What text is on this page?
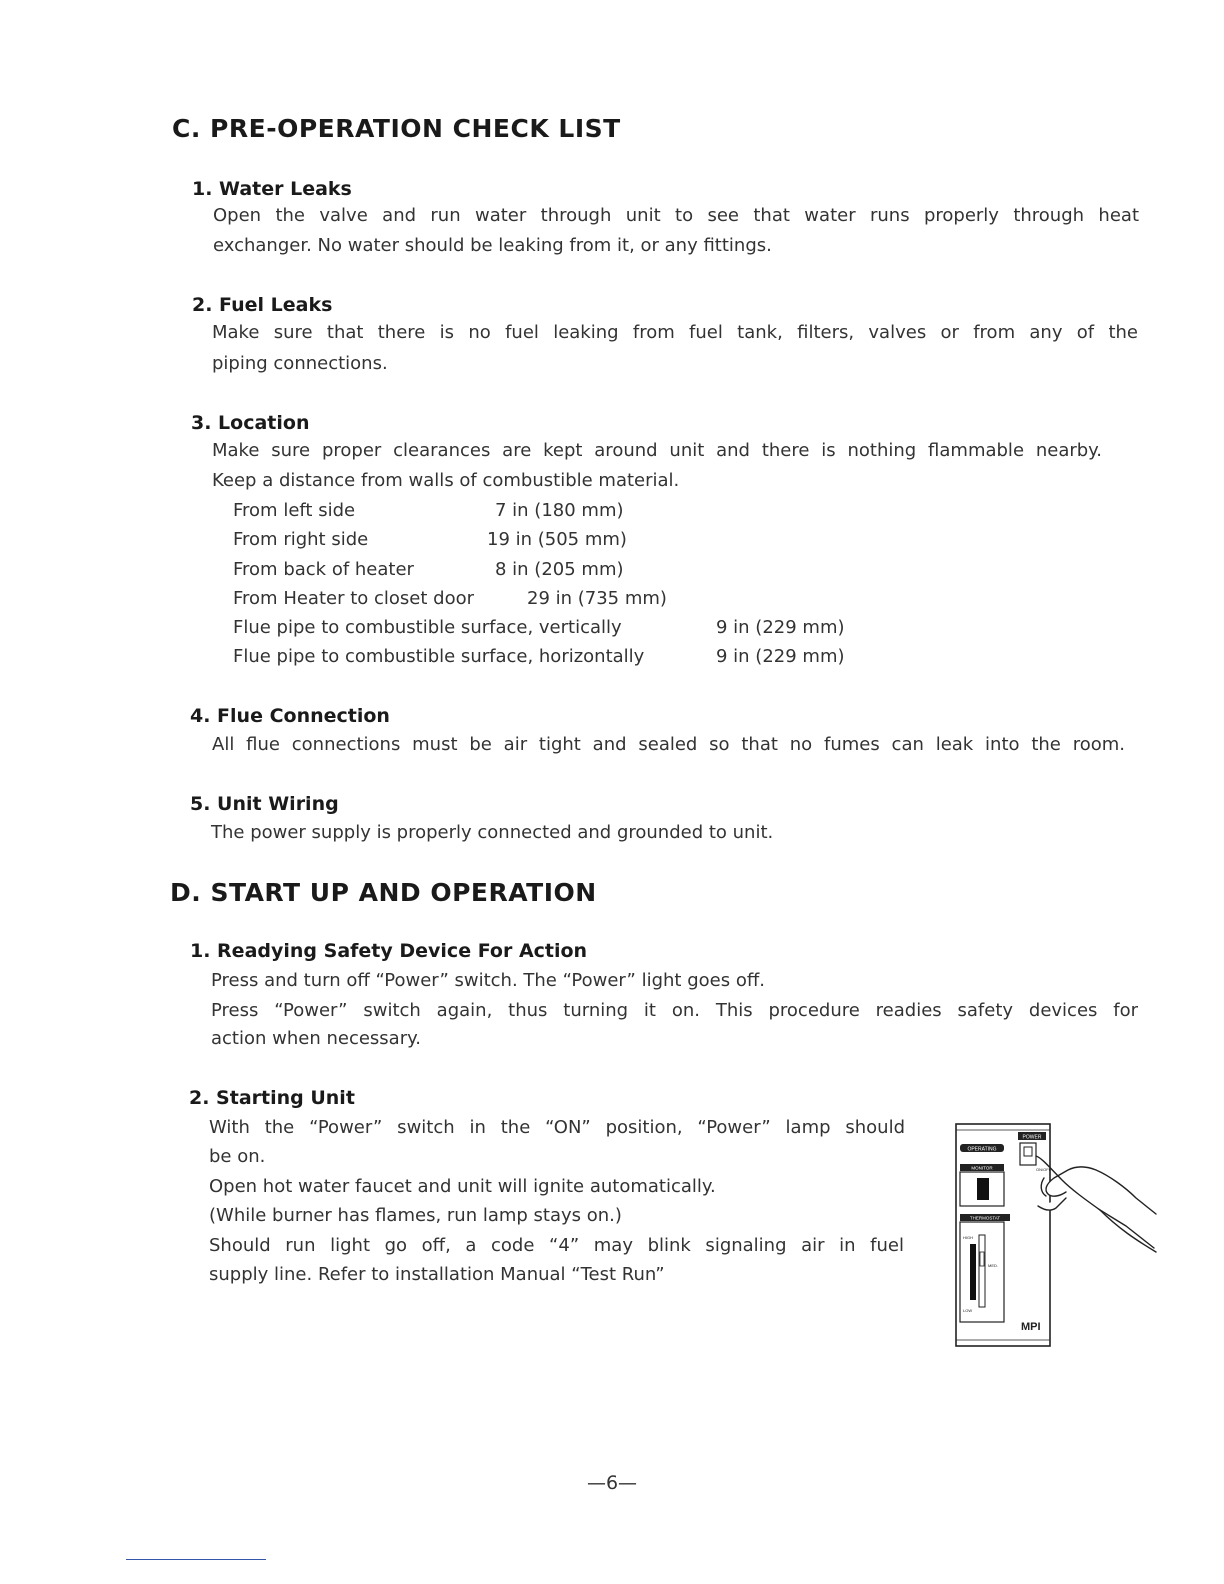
C. PRE-OPERATION CHECK LIST
1. Water Leaks

Open the valve and run water through unit to see that water runs properly through heat

exchanger. No water should be leaking from it, or any fittings.

2. Fuel Leaks

Make sure that there is no fuel leaking from fuel tank, filters, valves or from any of the

piping connections.

3. Location

Make sure proper clearances are kept around unit and there is nothing flammable nearby.

Keep a distance from walls of combustible material.

From left side	7 in (180 mm)
From right side	19 in (505 mm)
From back of heater	8 in (205 mm)
From Heater to closet door	29 in (735 mm)
Flue pipe to combustible surface, vertically	9 in (229 mm)
Flue pipe to combustible surface, horizontally	9 in (229 mm)
4. Flue Connection

All flue connections must be air tight and sealed so that no fumes can leak into the room.

5. Unit Wiring

The power supply is properly connected and grounded to unit.

D. START UP AND OPERATION
1. Readying Safety Device For Action

Press and turn off “Power” switch. The “Power” light goes off.

Press “Power” switch again, thus turning it on. This procedure readies safety devices for

action when necessary.

2. Starting Unit

With the “Power” switch in the “ON” position, “Power” lamp should

be on.

Open hot water faucet and unit will ignite automatically.

(While burner has flames, run lamp stays on.)

Should run light go off, a code “4” may blink signaling air in fuel

supply line. Refer to installation Manual “Test Run”

OPERATING
POWER
ON/OFF
MONITOR
THERMOSTAT
HIGH
MED.
LOW
MPI
—6—
